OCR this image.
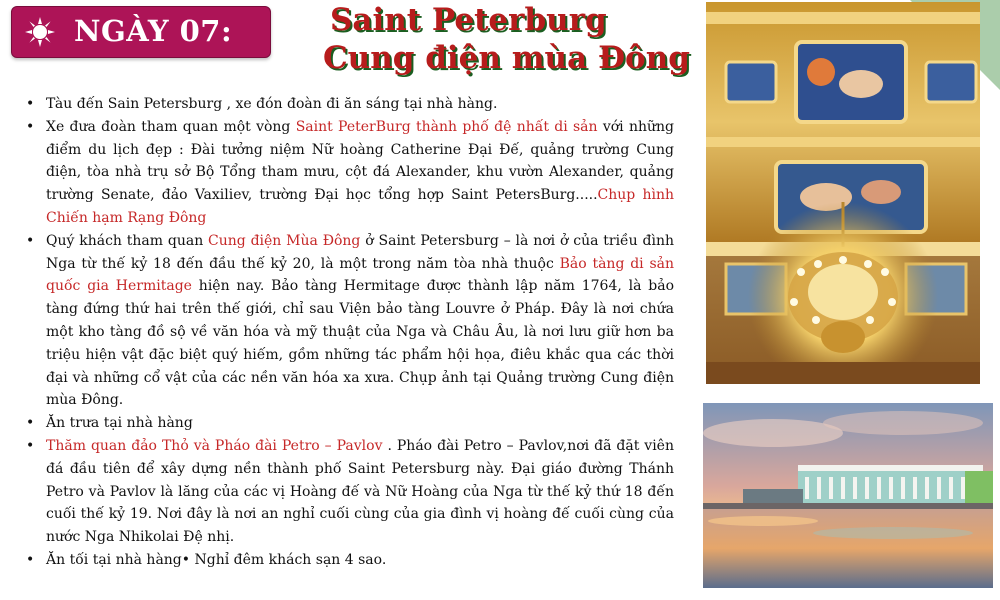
NGÀY 07:	Saint Peterburg
Cung điện mùa Đông
• Tàu đến Sain Petersburg , xe đón đoàn đi ăn sáng tại nhà hàng.
• Xe đưa đoàn tham quan một vòng Saint PeterBurg thành phố đệ nhất di sản với những điểm du lịch đẹp : Đài tưởng niệm Nữ hoàng Catherine Đại Đế, quảng trường Cung điện, tòa nhà trụ sở Bộ Tổng tham mưu, cột đá Alexander, khu vườn Alexander, quảng trường Senate, đảo Vaxiliev, trường Đại học tổng hợp Saint PetersBurg.....Chụp hình Chiến hạm Rạng Đông
• Quý khách tham quan Cung điện Mùa Đông ở Saint Petersburg – là nơi ở của triều đình Nga từ thế kỷ 18 đến đầu thế kỷ 20, là một trong năm tòa nhà thuộc Bảo tàng di sản quốc gia Hermitage hiện nay. Bảo tàng Hermitage được thành lập năm 1764, là bảo tàng đứng thứ hai trên thế giới, chỉ sau Viện bảo tàng Louvre ở Pháp. Đây là nơi chứa một kho tàng đồ sộ về văn hóa và mỹ thuật của Nga và Châu Âu, là nơi lưu giữ hơn ba triệu hiện vật đặc biệt quý hiếm, gồm những tác phẩm hội họa, điêu khắc qua các thời đại và những cổ vật của các nền văn hóa xa xưa. Chụp ảnh tại Quảng trường Cung điện mùa Đông.
• Ăn trưa tại nhà hàng
• Thăm quan đảo Thỏ và Pháo đài Petro – Pavlov . Pháo đài Petro – Pavlov,nơi đã đặt viên đá đầu tiên để xây dựng nền thành phố Saint Petersburg này. Đại giáo đường Thánh Petro và Pavlov là lăng của các vị Hoàng đế và Nữ Hoàng của Nga từ thế kỷ thứ 18 đến cuối thế kỷ 19. Nơi đây là nơi an nghỉ cuối cùng của gia đình vị hoàng đế cuối cùng của nước Nga Nhikolai Đệ nhị.
• Ăn tối tại nhà hàng• Nghỉ đêm khách sạn 4 sao.
